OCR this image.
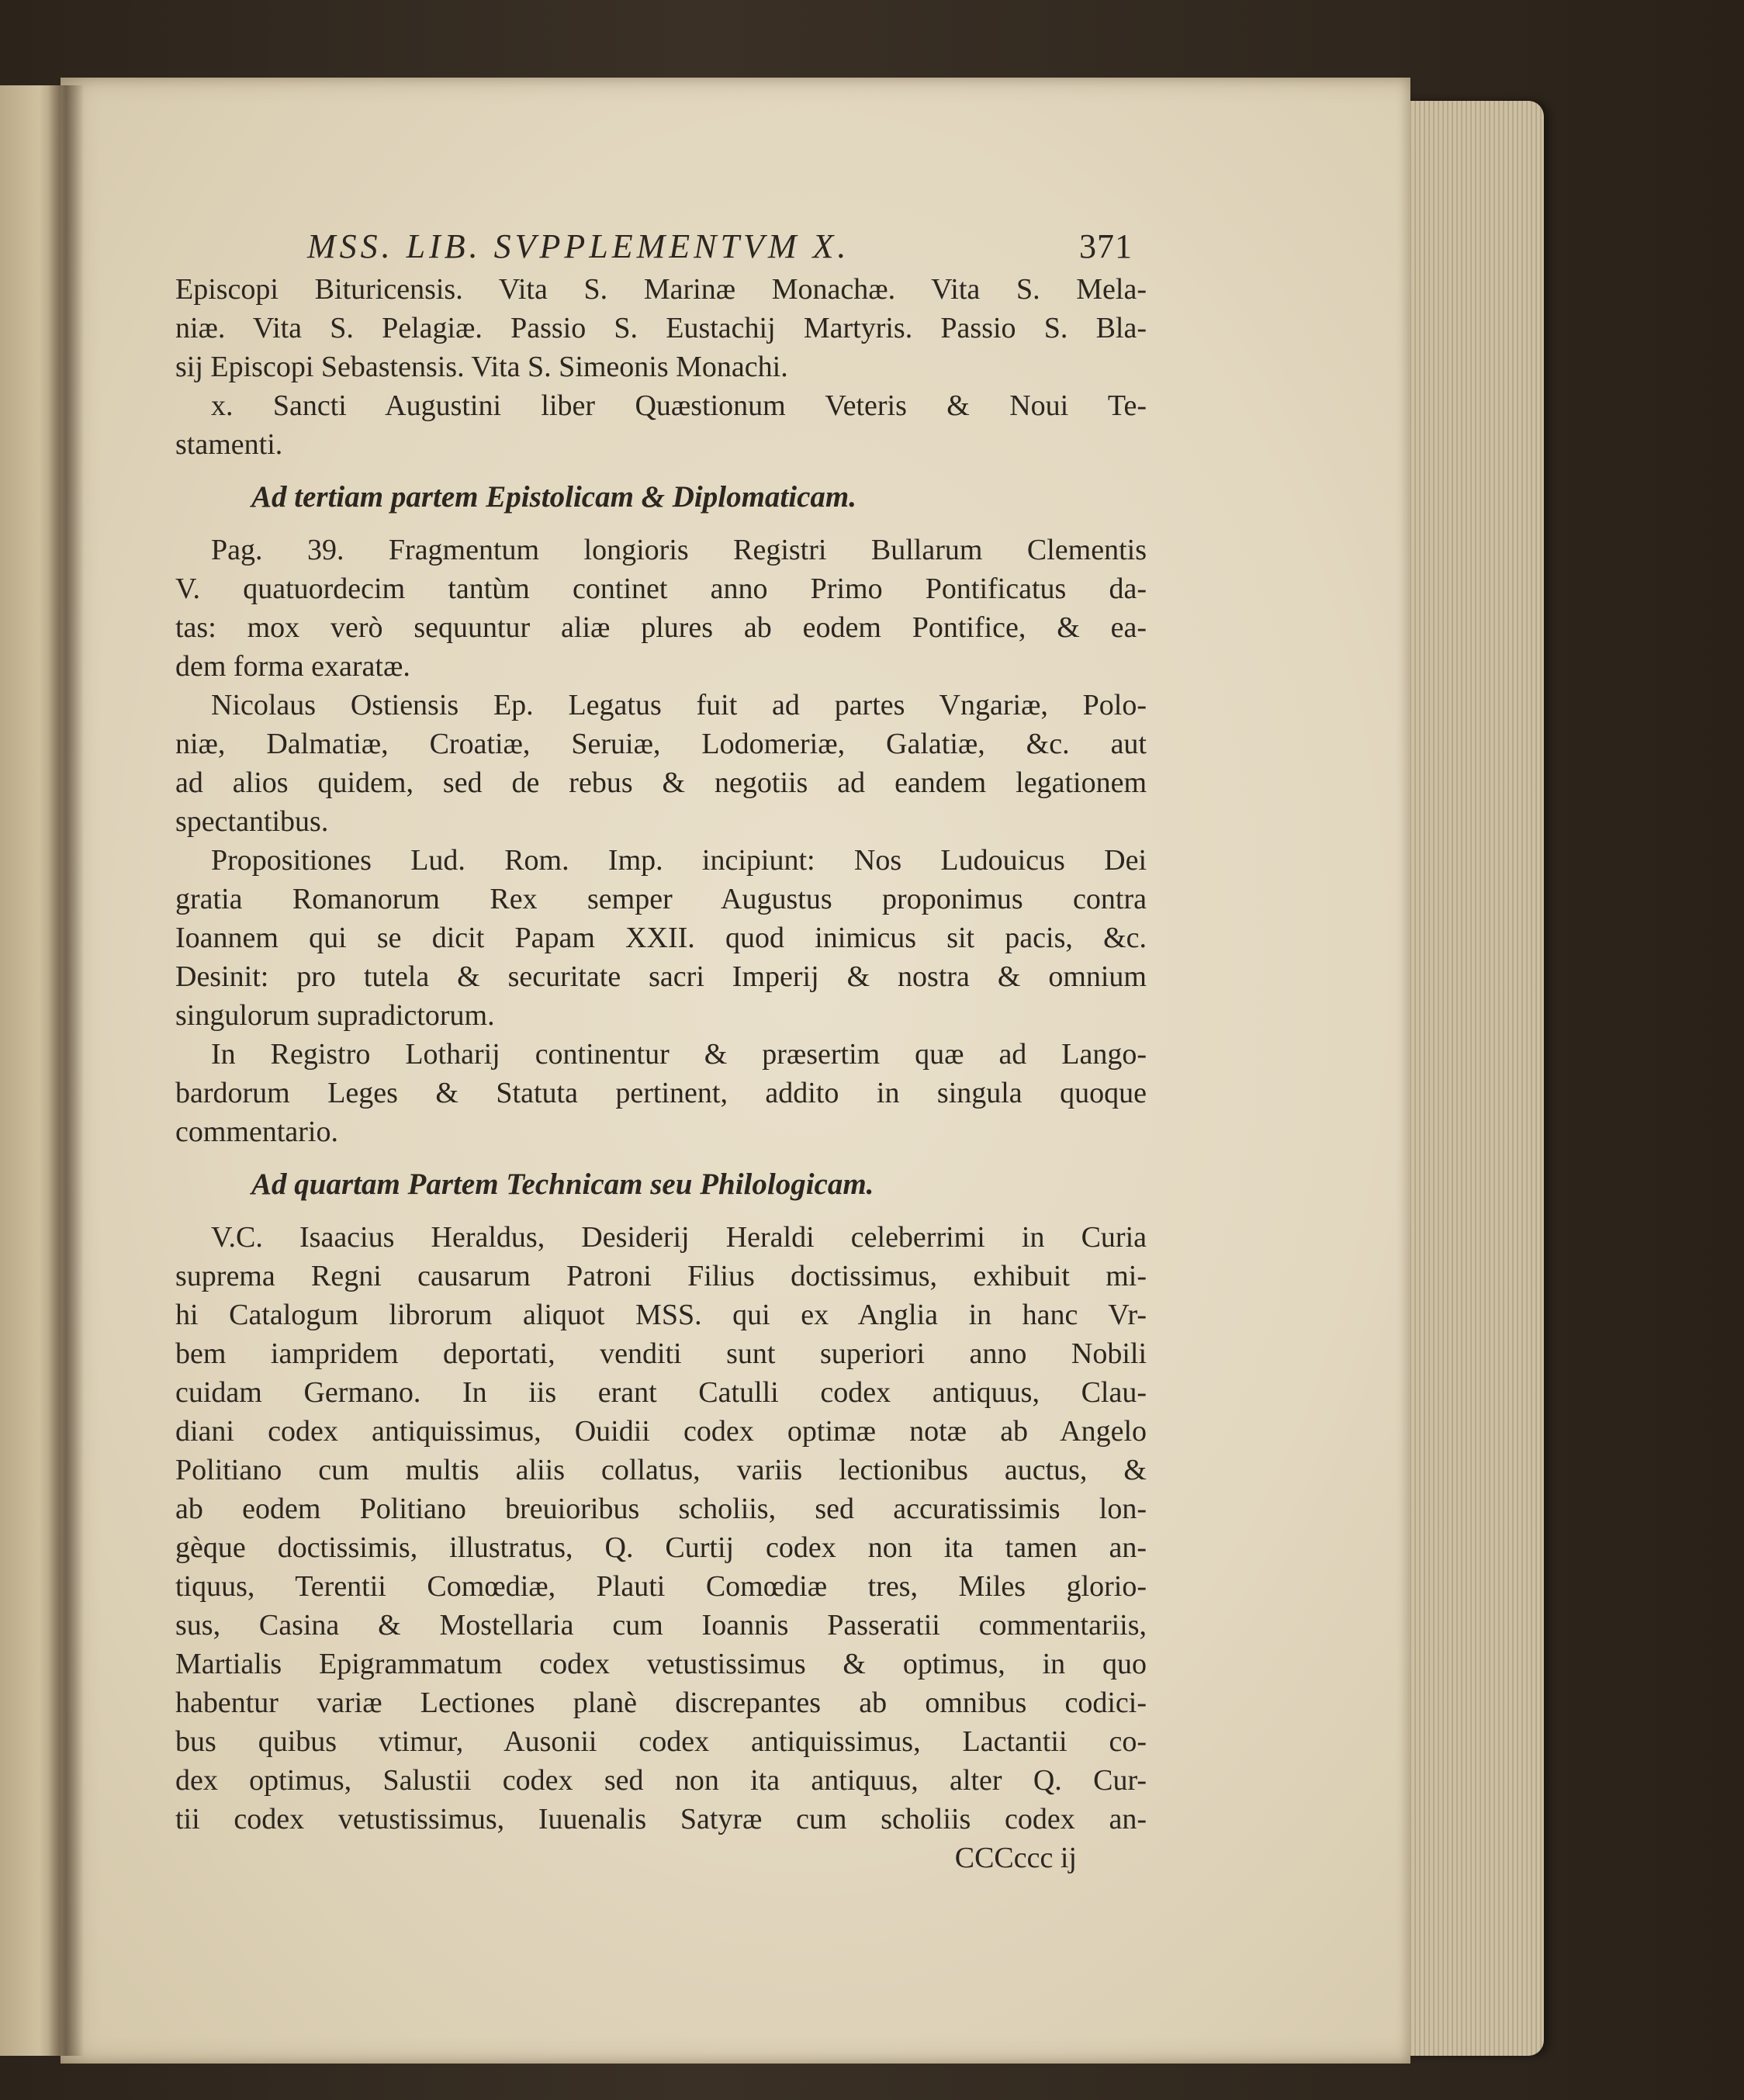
MSS. LIB. SVPPLEMENTVM X.	371
Episcopi Bituricensis. Vita S. Marinæ Monachæ. Vita S. Mela-
niæ. Vita S. Pelagiæ. Passio S. Eustachij Martyris. Passio S. Bla-
sij Episcopi Sebastensis. Vita S. Simeonis Monachi.
x. Sancti Augustini liber Quæstionum Veteris & Noui Te-
stamenti.
Ad tertiam partem Epistolicam & Diplomaticam.
Pag. 39. Fragmentum longioris Registri Bullarum Clementis
V. quatuordecim tantùm continet anno Primo Pontificatus da-
tas: mox verò sequuntur aliæ plures ab eodem Pontifice, & ea-
dem forma exaratæ.
Nicolaus Ostiensis Ep. Legatus fuit ad partes Vngariæ, Polo-
niæ, Dalmatiæ, Croatiæ, Seruiæ, Lodomeriæ, Galatiæ, &c. aut
ad alios quidem, sed de rebus & negotiis ad eandem legationem
spectantibus.
Propositiones Lud. Rom. Imp. incipiunt: Nos Ludouicus Dei
gratia Romanorum Rex semper Augustus proponimus contra
Ioannem qui se dicit Papam XXII. quod inimicus sit pacis, &c.
Desinit: pro tutela & securitate sacri Imperij & nostra & omnium
singulorum supradictorum.
In Registro Lotharij continentur & præsertim quæ ad Lango-
bardorum Leges & Statuta pertinent, addito in singula quoque
commentario.
Ad quartam Partem Technicam seu Philologicam.
V.C. Isaacius Heraldus, Desiderij Heraldi celeberrimi in Curia
suprema Regni causarum Patroni Filius doctissimus, exhibuit mi-
hi Catalogum librorum aliquot MSS. qui ex Anglia in hanc Vr-
bem iampridem deportati, venditi sunt superiori anno Nobili
cuidam Germano. In iis erant Catulli codex antiquus, Clau-
diani codex antiquissimus, Ouidii codex optimæ notæ ab Angelo
Politiano cum multis aliis collatus, variis lectionibus auctus, &
ab eodem Politiano breuioribus scholiis, sed accuratissimis lon-
gèque doctissimis, illustratus, Q. Curtij codex non ita tamen an-
tiquus, Terentii Comœdiæ, Plauti Comœdiæ tres, Miles glorio-
sus, Casina & Mostellaria cum Ioannis Passeratii commentariis,
Martialis Epigrammatum codex vetustissimus & optimus, in quo
habentur variæ Lectiones planè discrepantes ab omnibus codici-
bus quibus vtimur, Ausonii codex antiquissimus, Lactantii co-
dex optimus, Salustii codex sed non ita antiquus, alter Q. Cur-
tii codex vetustissimus, Iuuenalis Satyræ cum scholiis codex an-
CCCccc ij
